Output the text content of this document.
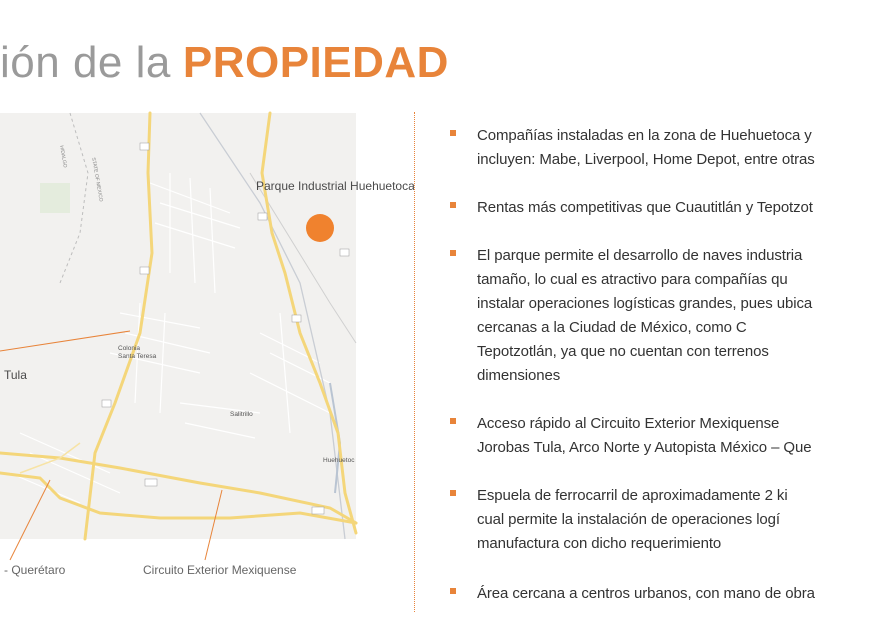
ión de la PROPIEDAD
Parque Industrial Huehuetoca
Tula
Colonia
Santa Teresa
Salitrillo
Huehuetoc
HIDALGO
STATE OF MEXICO
- Querétaro	Circuito Exterior Mexiquense
Compañías instaladas en la zona de Huehuetoca y
incluyen: Mabe, Liverpool, Home Depot, entre otras
Rentas más competitivas que Cuautitlán y Tepotzot
El parque permite el desarrollo de naves industria
tamaño, lo cual es atractivo para compañías qu
instalar operaciones logísticas grandes, pues ubica
cercanas a la Ciudad de México, como C
Tepotzotlán, ya que no cuentan con terrenos
dimensiones
Acceso rápido al Circuito Exterior Mexiquense
Jorobas Tula, Arco Norte y Autopista México – Que
Espuela de ferrocarril de aproximadamente 2 ki
cual permite la instalación de operaciones logí
manufactura con dicho requerimiento
Área cercana a centros urbanos, con mano de obra
